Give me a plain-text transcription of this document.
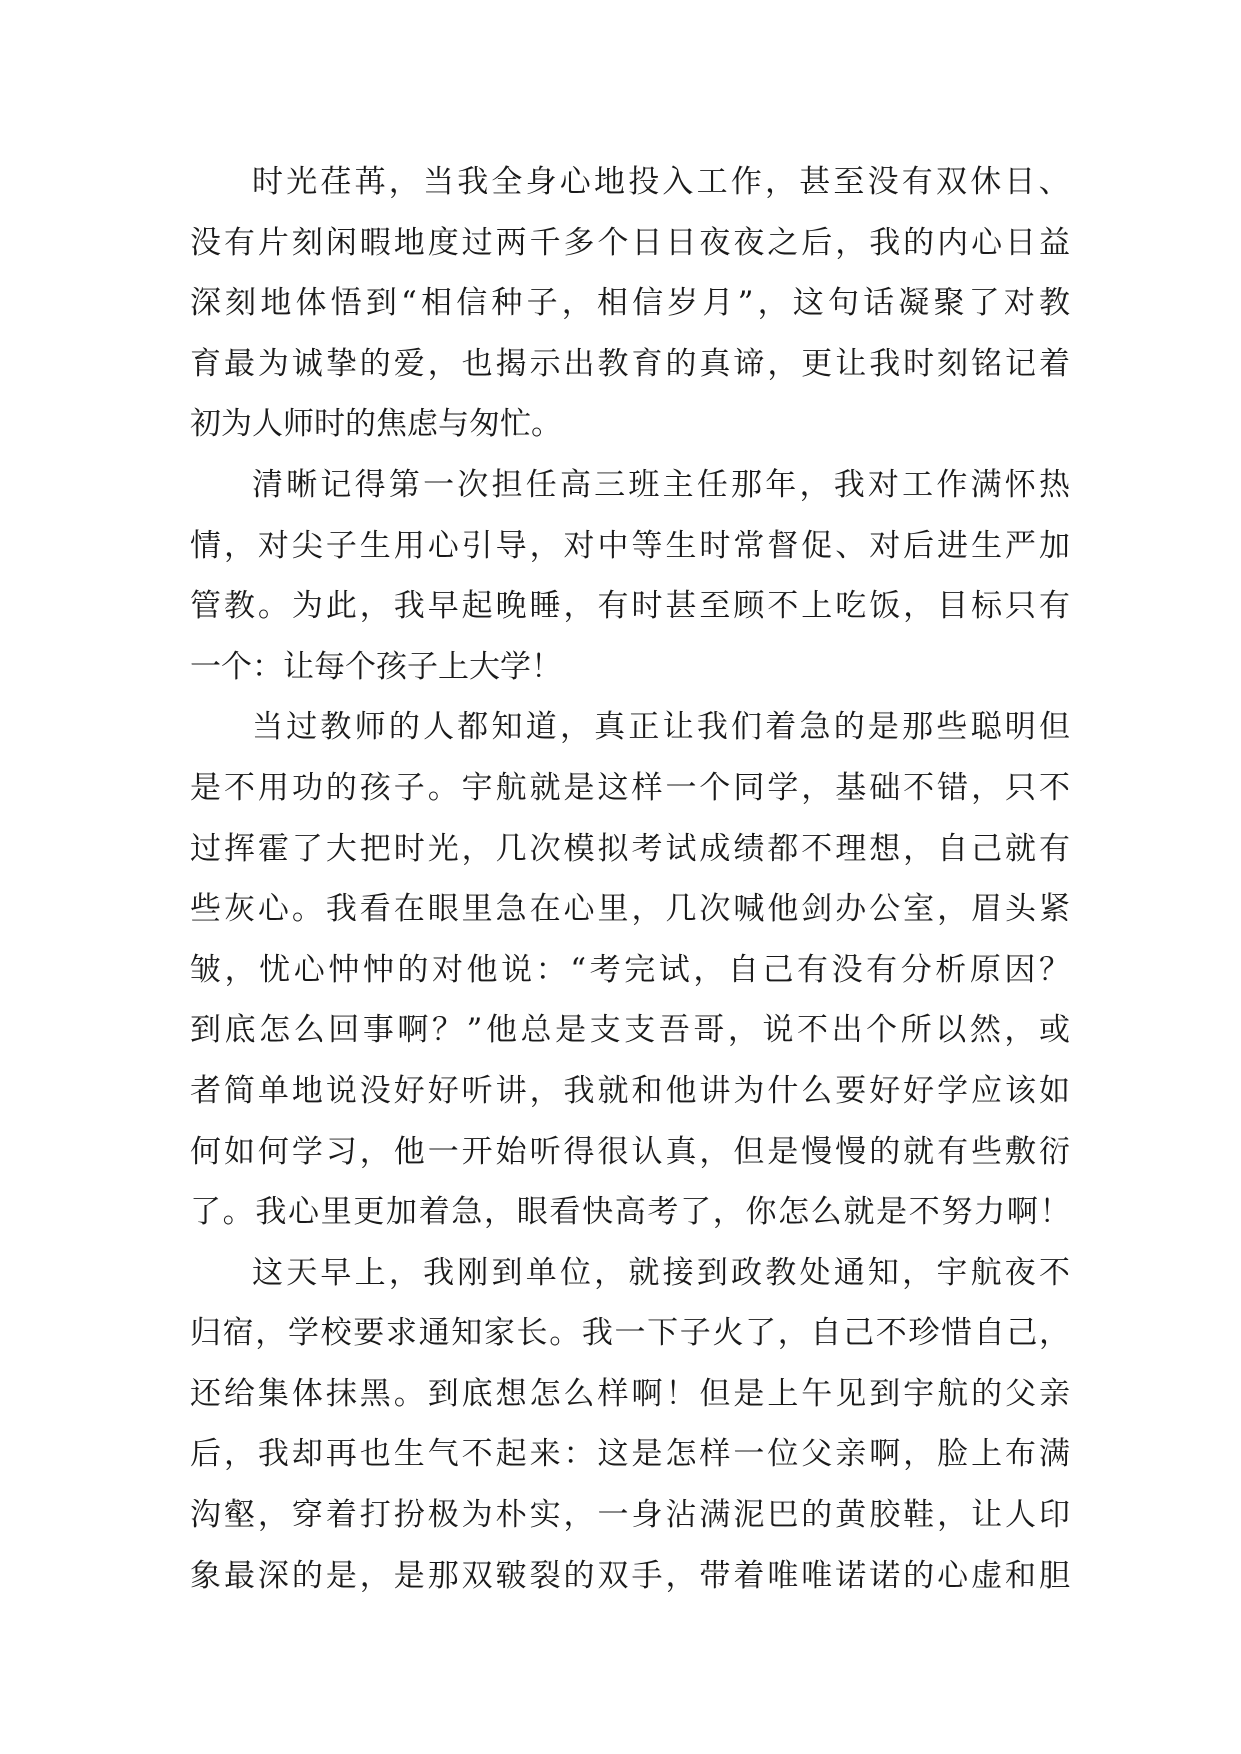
时光荏苒，当我全身心地投入工作，甚至没有双休日、
没有片刻闲暇地度过两千多个日日夜夜之后，我的内心日益
深刻地体悟到“相信种子，相信岁月”，这句话凝聚了对教
育最为诚挚的爱，也揭示出教育的真谛，更让我时刻铭记着
初为人师时的焦虑与匆忙。
清晰记得第一次担任高三班主任那年，我对工作满怀热
情，对尖子生用心引导，对中等生时常督促、对后进生严加
管教。为此，我早起晚睡，有时甚至顾不上吃饭，目标只有
一个：让每个孩子上大学！
当过教师的人都知道，真正让我们着急的是那些聪明但
是不用功的孩子。宇航就是这样一个同学，基础不错，只不
过挥霍了大把时光，几次模拟考试成绩都不理想，自己就有
些灰心。我看在眼里急在心里，几次喊他剑办公室，眉头紧
皱，忧心忡忡的对他说：“考完试，自己有没有分析原因？
到底怎么回事啊？”他总是支支吾哥，说不出个所以然，或
者简单地说没好好听讲，我就和他讲为什么要好好学应该如
何如何学习，他一开始听得很认真，但是慢慢的就有些敷衍
了。我心里更加着急，眼看快高考了，你怎么就是不努力啊！
这天早上，我刚到单位，就接到政教处通知，宇航夜不
归宿，学校要求通知家长。我一下子火了，自己不珍惜自己，
还给集体抹黑。到底想怎么样啊！但是上午见到宇航的父亲
后，我却再也生气不起来：这是怎样一位父亲啊，脸上布满
沟壑，穿着打扮极为朴实，一身沾满泥巴的黄胶鞋，让人印
象最深的是，是那双皲裂的双手，带着唯唯诺诺的心虚和胆
